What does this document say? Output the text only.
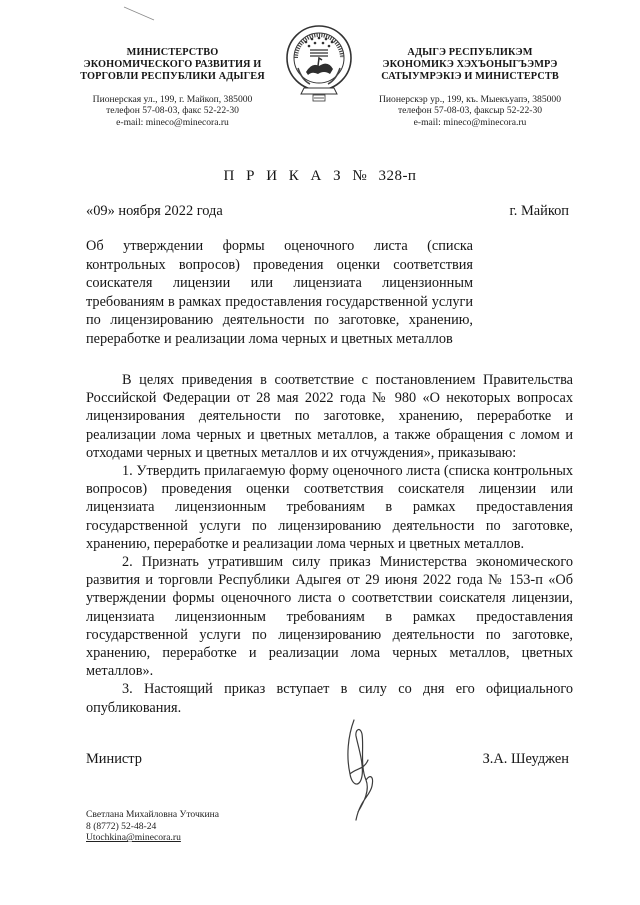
МИНИСТЕРСТВО
ЭКОНОМИЧЕСКОГО РАЗВИТИЯ И
ТОРГОВЛИ РЕСПУБЛИКИ АДЫГЕЯ
Пионерская ул., 199, г. Майкоп, 385000
телефон 57-08-03, факс 52-22-30
e-mail: mineco@minecora.ru
АДЫГЭ РЕСПУБЛИКЭМ
ЭКОНОМИКЭ ХЭХЪОНЫГЪЭМРЭ
САТЫУМРЭКIЭ И МИНИСТЕРСТВ
Пионерскэр ур., 199, къ. Мыекъуапэ, 385000
телефон 57-08-03, факсыр 52-22-30
e-mail: mineco@minecora.ru
П Р И К А З № 328-п
«09» ноября 2022 года	г. Майкоп
Об утверждении формы оценочного листа (списка контрольных вопросов) проведения оценки соответствия соискателя лицензии или лицензиата лицензионным требованиям в рамках предоставления государственной услуги по лицензированию деятельности по заготовке, хранению, переработке и реализации лома черных и цветных металлов

В целях приведения в соответствие с постановлением Правительства Российской Федерации от 28 мая 2022 года № 980 «О некоторых вопросах лицензирования деятельности по заготовке, хранению, переработке и реализации лома черных и цветных металлов, а также обращения с ломом и отходами черных и цветных металлов и их отчуждения», приказываю:

1. Утвердить прилагаемую форму оценочного листа (списка контрольных вопросов) проведения оценки соответствия соискателя лицензии или лицензиата лицензионным требованиям в рамках предоставления государственной услуги по лицензированию деятельности по заготовке, хранению, переработке и реализации лома черных и цветных металлов.

2. Признать утратившим силу приказ Министерства экономического развития и торговли Республики Адыгея от 29 июня 2022 года № 153-п «Об утверждении формы оценочного листа о соответствии соискателя лицензии, лицензиата лицензионным требованиям в рамках предоставления государственной услуги по лицензированию деятельности по заготовке, хранению, переработке и реализации лома черных металлов, цветных металлов».

3. Настоящий приказ вступает в силу со дня его официального опубликования.

Министр	З.А. Шеуджен
Светлана Михайловна Уточкина
8 (8772) 52-48-24
Utochkina@minecora.ru
